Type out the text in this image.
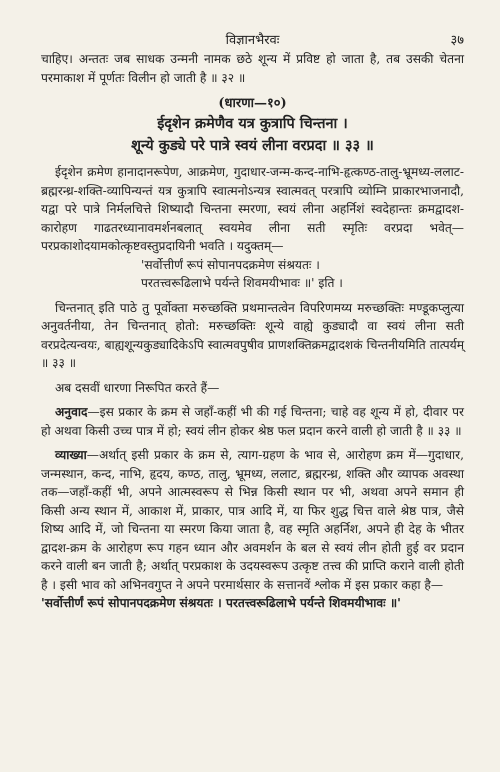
विज्ञानभैरवः	३७

चाहिए। अन्ततः जब साधक उन्मनी नामक छठे शून्य में प्रविष्ट हो जाता है, तब उसकी चेतना परमाकाश में पूर्णतः विलीन हो जाती है ॥ ३२ ॥

(धारणा—१०)
ईदृशेन क्रमेणैव यत्र कुत्रापि चिन्तना ।
शून्ये कुड्ये परे पात्रे स्वयं लीना वरप्रदा ॥ ३३ ॥

ईदृशेन क्रमेण हानादानरूपेण, आक्रमेण, गुदाधार-जन्म-कन्द-नाभि-हृत्कण्ठ-तालु-भ्रूमध्य-ललाट-ब्रह्मरन्ध्र-शक्ति-व्यापिन्यन्तं यत्र कुत्रापि स्वात्मनोऽन्यत्र स्वात्मवत् परत्रापि व्योम्नि प्राकारभाजनादौ, यद्वा परे पात्रे निर्मलचित्ते शिष्यादौ चिन्तना स्मरणा, स्वयं लीना अहर्निशं स्वदेहान्तः क्रमद्वादश-कारोहण गाढतरध्यानावमर्शनबलात् स्वयमेव लीना सती स्मृतिः वरप्रदा भवेत्—परप्रकाशोदयामकोत्कृष्टवस्तुप्रदायिनी भवति । यदुक्तम्—

'सर्वोत्तीर्णं रूपं सोपानपदक्रमेण संश्रयतः ।
परतत्त्वरूढिलाभे पर्यन्ते शिवमयीभावः ॥' इति ।

चिन्तनात् इति पाठे तु पूर्वोक्ता मरुच्छक्ति प्रथमान्तत्वेन विपरिणमय्य मरुच्छक्तिः मण्डूकप्लुत्या अनुवर्तनीया, तेन चिन्तनात् होतो: मरुच्छक्तिः शून्ये वाह्ये कुड्यादौ वा स्वयं लीना सती वरप्रदेत्यन्वयः, बाह्यशून्यकुड्यादिकेऽपि स्वात्मवपुषीव प्राणशक्तिक्रमद्वादशकं चिन्तनीयमिति तात्पर्यम् ॥ ३३ ॥

अब दसवीं धारणा निरूपित करते हैं—

अनुवाद—इस प्रकार के क्रम से जहाँ-कहीं भी की गई चिन्तना; चाहे वह शून्य में हो, दीवार पर हो अथवा किसी उच्च पात्र में हो; स्वयं लीन होकर श्रेष्ठ फल प्रदान करने वाली हो जाती है ॥ ३३ ॥

व्याख्या—अर्थात् इसी प्रकार के क्रम से, त्याग-ग्रहण के भाव से, आरोहण क्रम में—गुदाधार, जन्मस्थान, कन्द, नाभि, हृदय, कण्ठ, तालु, भ्रूमध्य, ललाट, ब्रह्मरन्ध्र, शक्ति और व्यापक अवस्था तक—जहाँ-कहीं भी, अपने आत्मस्वरूप से भिन्न किसी स्थान पर भी, अथवा अपने समान ही किसी अन्य स्थान में, आकाश में, प्राकार, पात्र आदि में, या फिर शुद्ध चित्त वाले श्रेष्ठ पात्र, जैसे शिष्य आदि में, जो चिन्तना या स्मरण किया जाता है, वह स्मृति अहर्निश, अपने ही देह के भीतर द्वादश-क्रम के आरोहण रूप गहन ध्यान और अवमर्शन के बल से स्वयं लीन होती हुई वर प्रदान करने वाली बन जाती है; अर्थात् परप्रकाश के उदयस्वरूप उत्कृष्ट तत्त्व की प्राप्ति कराने वाली होती है । इसी भाव को अभिनवगुप्त ने अपने परमार्थसार के सत्तानवें श्लोक में इस प्रकार कहा है—

'सर्वोत्तीर्णं रूपं सोपानपदक्रमेण संश्रयतः । परतत्त्वरूढिलाभे पर्यन्ते शिवमयीभावः ॥'
